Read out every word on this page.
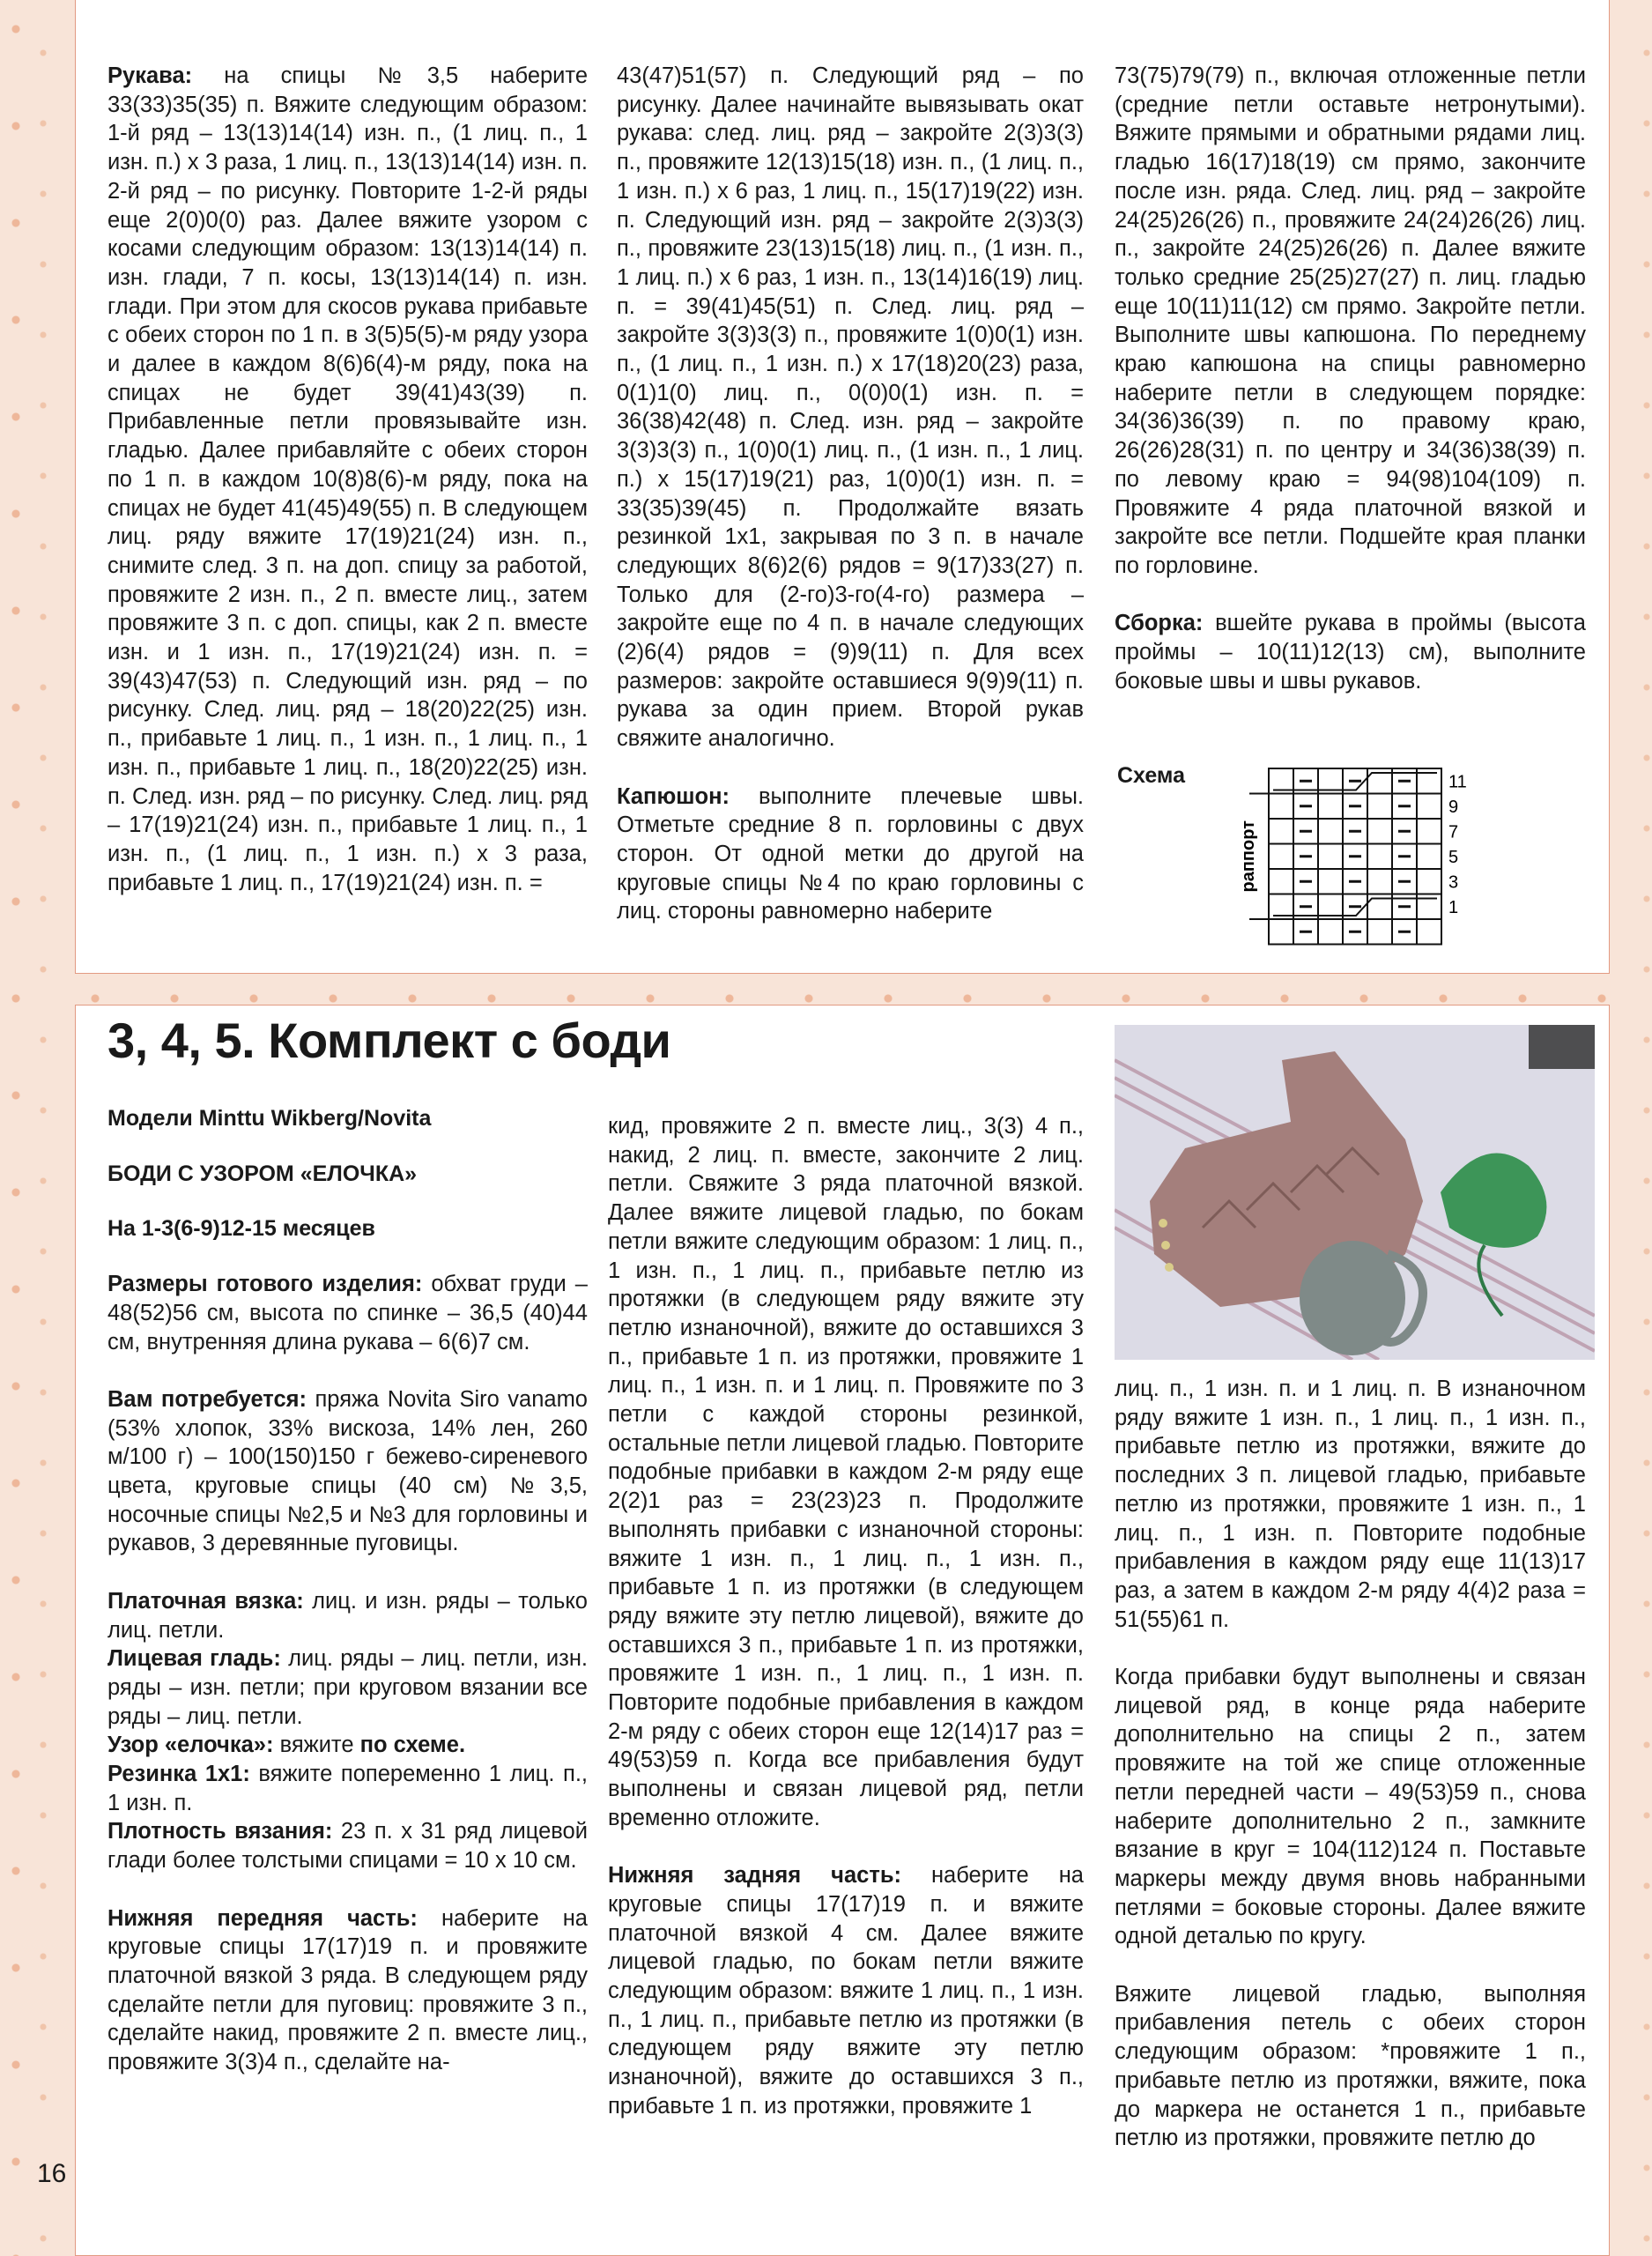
Рукава: на спицы №3,5 наберите 33(33)35(35) п. Вяжите следующим образом: 1-й ряд – 13(13)14(14) изн. п., (1 лиц. п., 1 изн. п.) х 3 раза, 1 лиц. п., 13(13)14(14) изн. п. 2-й ряд – по рисунку. Повторите 1-2-й ряды еще 2(0)0(0) раз. Далее вяжите узором с косами следующим образом: 13(13)14(14) п. изн. глади, 7 п. косы, 13(13)14(14) п. изн. глади. При этом для скосов рукава прибавьте с обеих сторон по 1 п. в 3(5)5(5)-м ряду узора и далее в каждом 8(6)6(4)-м ряду, пока на спицах не будет 39(41)43(39) п. Прибавленные петли провязывайте изн. гладью. Далее прибавляйте с обеих сторон по 1 п. в каждом 10(8)8(6)-м ряду, пока на спицах не будет 41(45)49(55) п. В следующем лиц. ряду вяжите 17(19)21(24) изн. п., снимите след. 3 п. на доп. спицу за работой, провяжите 2 изн. п., 2 п. вместе лиц., затем провяжите 3 п. с доп. спицы, как 2 п. вместе изн. и 1 изн. п., 17(19)21(24) изн. п. = 39(43)47(53) п. Следующий изн. ряд – по рисунку. След. лиц. ряд – 18(20)22(25) изн. п., прибавьте 1 лиц. п., 1 изн. п., 1 лиц. п., 1 изн. п., прибавьте 1 лиц. п., 18(20)22(25) изн. п. След. изн. ряд – по рисунку. След. лиц. ряд – 17(19)21(24) изн. п., прибавьте 1 лиц. п., 1 изн. п., (1 лиц. п., 1 изн. п.) х 3 раза, прибавьте 1 лиц. п., 17(19)21(24) изн. п. =

43(47)51(57) п. Следующий ряд – по рисунку. Далее начинайте вывязывать окат рукава: след. лиц. ряд – закройте 2(3)3(3) п., провяжите 12(13)15(18) изн. п., (1 лиц. п., 1 изн. п.) х 6 раз, 1 лиц. п., 15(17)19(22) изн. п. Следующий изн. ряд – закройте 2(3)3(3) п., провяжите 23(13)15(18) лиц. п., (1 изн. п., 1 лиц. п.) х 6 раз, 1 изн. п., 13(14)16(19) лиц. п. = 39(41)45(51) п. След. лиц. ряд – закройте 3(3)3(3) п., провяжите 1(0)0(1) изн. п., (1 лиц. п., 1 изн. п.) х 17(18)20(23) раза, 0(1)1(0) лиц. п., 0(0)0(1) изн. п. = 36(38)42(48) п. След. изн. ряд – закройте 3(3)3(3) п., 1(0)0(1) лиц. п., (1 изн. п., 1 лиц. п.) х 15(17)19(21) раз, 1(0)0(1) изн. п. = 33(35)39(45) п. Продолжайте вязать резинкой 1х1, закрывая по 3 п. в начале следующих 8(6)2(6) рядов = 9(17)33(27) п. Только для (2-го)3-го(4-го) размера – закройте еще по 4 п. в начале следующих (2)6(4) рядов = (9)9(11) п. Для всех размеров: закройте оставшиеся 9(9)9(11) п. рукава за один прием. Второй рукав свяжите аналогично.

Капюшон: выполните плечевые швы. Отметьте средние 8 п. горловины с двух сторон. От одной метки до другой на круговые спицы №4 по краю горловины с лиц. стороны равномерно наберите

73(75)79(79) п., включая отложенные петли (средние петли оставьте нетронутыми). Вяжите прямыми и обратными рядами лиц. гладью 16(17)18(19) см прямо, закончите после изн. ряда. След. лиц. ряд – закройте 24(25)26(26) п., провяжите 24(24)26(26) лиц. п., закройте 24(25)26(26) п. Далее вяжите только средние 25(25)27(27) п. лиц. гладью еще 10(11)11(12) см прямо. Закройте петли. Выполните швы капюшона. По переднему краю капюшона на спицы равномерно наберите петли в следующем порядке: 34(36)36(39) п. по правому краю, 26(26)28(31) п. по центру и 34(36)38(39) п. по левому краю = 94(98)104(109) п. Провяжите 4 ряда платочной вязкой и закройте все петли. Подшейте края планки по горловине.

Сборка: вшейте рукава в проймы (высота проймы – 10(11)12(13) см), выполните боковые швы и швы рукавов.

Схема
раппорт
11
9
7
5
3
1
3, 4, 5. Комплект с боди

Модели Minttu Wikberg/Novita

БОДИ С УЗОРОМ «ЕЛОЧКА»

На 1-3(6-9)12-15 месяцев

Размеры готового изделия: обхват груди – 48(52)56 см, высота по спинке – 36,5 (40)44 см, внутренняя длина рукава – 6(6)7 см.

Вам потребуется: пряжа Novita Siro vanamo (53% хлопок, 33% вискоза, 14% лен, 260 м/100 г) – 100(150)150 г бежево-сиреневого цвета, круговые спицы (40 см) №3,5, носочные спицы №2,5 и №3 для горловины и рукавов, 3 деревянные пуговицы.

Платочная вязка: лиц. и изн. ряды – только лиц. петли.

Лицевая гладь: лиц. ряды – лиц. петли, изн. ряды – изн. петли; при круговом вязании все ряды – лиц. петли.

Узор «елочка»: вяжите по схеме.

Резинка 1х1: вяжите попеременно 1 лиц. п., 1 изн. п.

Плотность вязания: 23 п. х 31 ряд лицевой глади более толстыми спицами = 10 х 10 см.

Нижняя передняя часть: наберите на круговые спицы 17(17)19 п. и провяжите платочной вязкой 3 ряда. В следующем ряду сделайте петли для пуговиц: провяжите 3 п., сделайте накид, провяжите 2 п. вместе лиц., провяжите 3(3)4 п., сделайте на-

кид, провяжите 2 п. вместе лиц., 3(3) 4 п., накид, 2 лиц. п. вместе, закончите 2 лиц. петли. Свяжите 3 ряда платочной вязкой. Далее вяжите лицевой гладью, по бокам петли вяжите следующим образом: 1 лиц. п., 1 изн. п., 1 лиц. п., прибавьте петлю из протяжки (в следующем ряду вяжите эту петлю изнаночной), вяжите до оставшихся 3 п., прибавьте 1 п. из протяжки, провяжите 1 лиц. п., 1 изн. п. и 1 лиц. п. Провяжите по 3 петли с каждой стороны резинкой, остальные петли лицевой гладью. Повторите подобные прибавки в каждом 2-м ряду еще 2(2)1 раз = 23(23)23 п. Продолжите выполнять прибавки с изнаночной стороны: вяжите 1 изн. п., 1 лиц. п., 1 изн. п., прибавьте 1 п. из протяжки (в следующем ряду вяжите эту петлю лицевой), вяжите до оставшихся 3 п., прибавьте 1 п. из протяжки, провяжите 1 изн. п., 1 лиц. п., 1 изн. п. Повторите подобные прибавления в каждом 2-м ряду с обеих сторон еще 12(14)17 раз = 49(53)59 п. Когда все прибавления будут выполнены и связан лицевой ряд, петли временно отложите.

Нижняя задняя часть: наберите на круговые спицы 17(17)19 п. и вяжите платочной вязкой 4 см. Далее вяжите лицевой гладью, по бокам петли вяжите следующим образом: вяжите 1 лиц. п., 1 изн. п., 1 лиц. п., прибавьте петлю из протяжки (в следующем ряду вяжите эту петлю изнаночной), вяжите до оставшихся 3 п., прибавьте 1 п. из протяжки, провяжите 1

лиц. п., 1 изн. п. и 1 лиц. п. В изнаночном ряду вяжите 1 изн. п., 1 лиц. п., 1 изн. п., прибавьте петлю из протяжки, вяжите до последних 3 п. лицевой гладью, прибавьте петлю из протяжки, провяжите 1 изн. п., 1 лиц. п., 1 изн. п. Повторите подобные прибавления в каждом ряду еще 11(13)17 раз, а затем в каждом 2-м ряду 4(4)2 раза = 51(55)61 п.

Когда прибавки будут выполнены и связан лицевой ряд, в конце ряда наберите дополнительно на спицы 2 п., затем провяжите на той же спице отложенные петли передней части – 49(53)59 п., снова наберите дополнительно 2 п., замкните вязание в круг = 104(112)124 п. Поставьте маркеры между двумя вновь набранными петлями = боковые стороны. Далее вяжите одной деталью по кругу.

Вяжите лицевой гладью, выполняя прибавления петель с обеих сторон следующим образом: *провяжите 1 п., прибавьте петлю из протяжки, вяжите, пока до маркера не останется 1 п., прибавьте петлю из протяжки, провяжите петлю до

16
